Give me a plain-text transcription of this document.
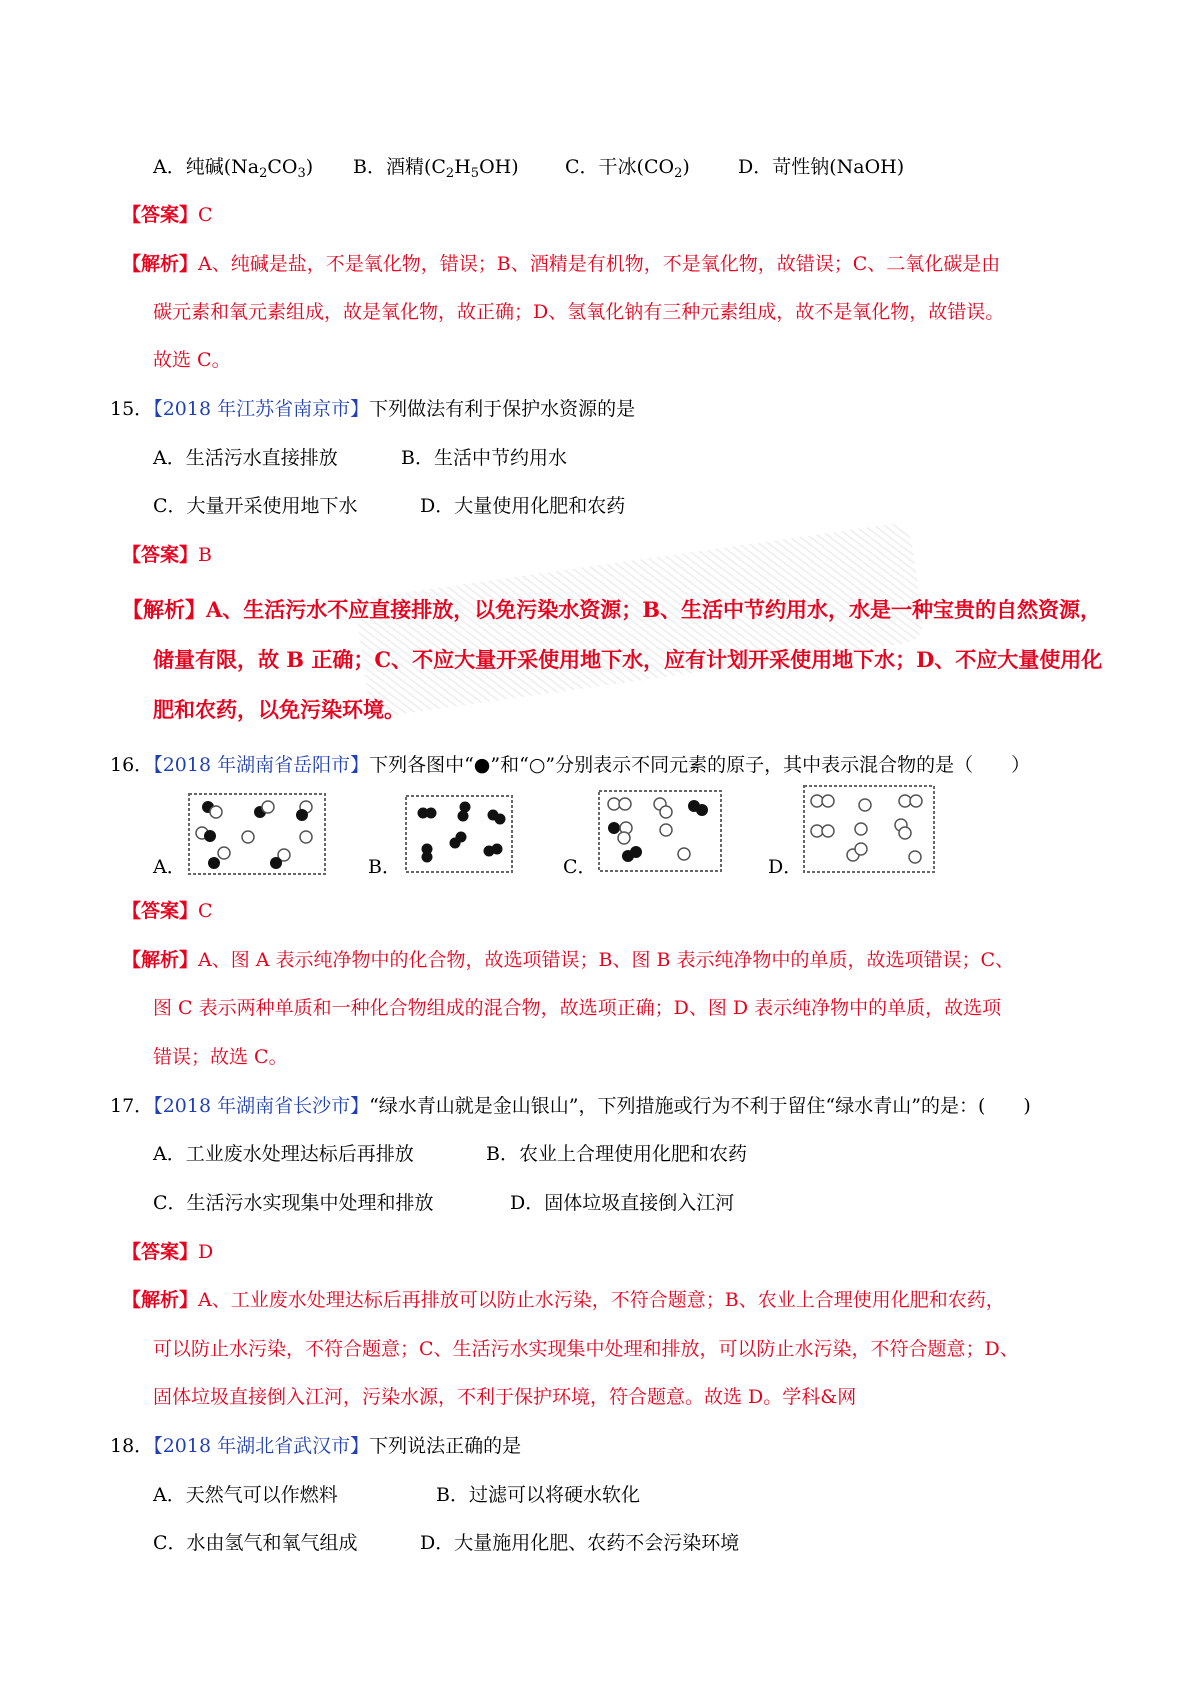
A．纯碱$(Na_2CO_3)$ B．酒精$(C_2H_5OH)$ C．干冰$(CO_2)$	D．苛性钠(NaOH)
【答案】C
【解析】A、纯碱是盐，不是氧化物，错误；B、酒精是有机物，不是氧化物，故错误；C、二氧化碳是由
碳元素和氧元素组成，故是氧化物，故正确；D、氢氧化钠有三种元素组成，故不是氧化物，故错误。
故选 C。
15．【2018 年江苏省南京市】下列做法有利于保护水资源的是
A．生活污水直接排放	B．生活中节约用水
C．大量开采使用地下水	D．大量使用化肥和农药
【答案】B
【解析】A、生活污水不应直接排放，以免污染水资源；B、生活中节约用水，水是一种宝贵的自然资源，
储量有限，故 B 正确；C、不应大量开采使用地下水，应有计划开采使用地下水；D、不应大量使用化
肥和农药，以免污染环境。
16．【2018 年湖南省岳阳市】下列各图中“●”和“○”分别表示不同元素的原子，其中表示混合物的是（　　）
A．	B．	C．	D．
【答案】C
【解析】A、图 A 表示纯净物中的化合物，故选项错误；B、图 B 表示纯净物中的单质，故选项错误；C、
图 C 表示两种单质和一种化合物组成的混合物，故选项正确；D、图 D 表示纯净物中的单质，故选项
错误；故选 C。
17．【2018 年湖南省长沙市】“绿水青山就是金山银山”，下列措施或行为不利于留住“绿水青山”的是：(　　)
A．工业废水处理达标后再排放	B．农业上合理使用化肥和农药
C．生活污水实现集中处理和排放	D．固体垃圾直接倒入江河
【答案】D
【解析】A、工业废水处理达标后再排放可以防止水污染，不符合题意；B、农业上合理使用化肥和农药，
可以防止水污染，不符合题意；C、生活污水实现集中处理和排放，可以防止水污染，不符合题意；D、
固体垃圾直接倒入江河，污染水源，不利于保护环境，符合题意。故选 D。学科&网
18．【2018 年湖北省武汉市】下列说法正确的是
A．天然气可以作燃料	B．过滤可以将硬水软化
C．水由氢气和氧气组成	D．大量施用化肥、农药不会污染环境
